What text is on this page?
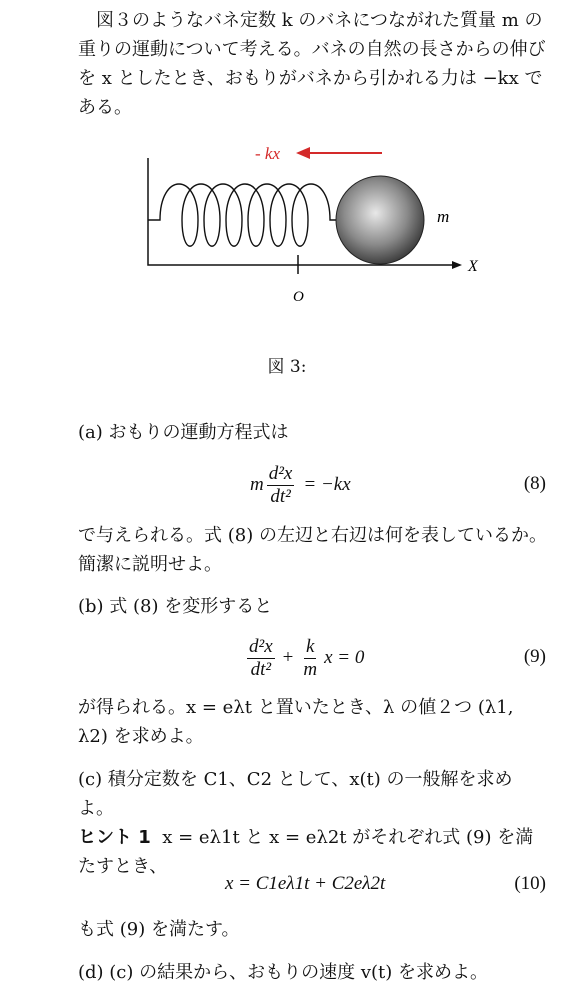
図３のようなバネ定数 k のバネにつながれた質量 m の重りの運動について考える。バネの自然の長さからの伸びを x としたとき、おもりがバネから引かれる力は −kx である。

- kx
X
m
O
図 3:

(a) おもりの運動方程式は

m $\frac{\text{d²x}}{\text{dt²}} = -kx$	(8)

で与えられる。式 (8) の左辺と右辺は何を表しているか。簡潔に説明せよ。

(b) 式 (8) を変形すると

$\frac{\text{d²x}}{\text{dt²}} + \frac{k}{m}$ x = 0	(9)

が得られる。x = eλt と置いたとき、λ の値２つ (λ1, λ2) を求めよ。

(c) 積分定数を C1、C2 として、x(t) の一般解を求めよ。

ヒント 1 x = eλ1t と x = eλ2t がそれぞれ式 (9) を満たすとき、

x = C1eλ1t + C2eλ2t	(10)

も式 (9) を満たす。

(d) (c) の結果から、おもりの速度 v(t) を求めよ。
